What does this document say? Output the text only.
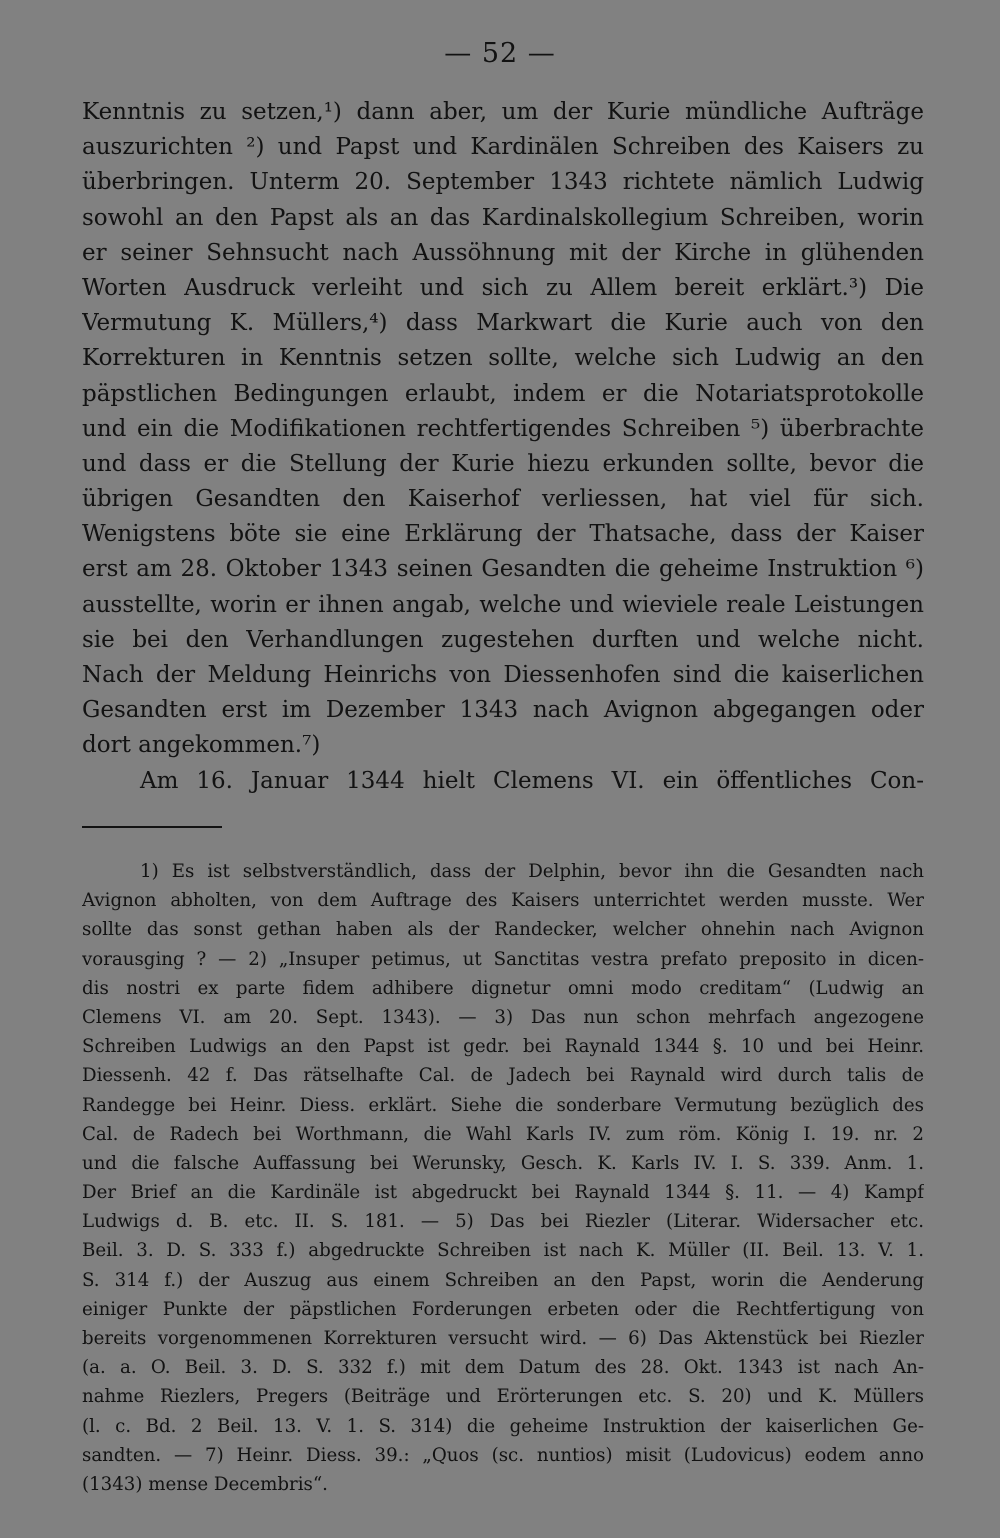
— 52 —
Kenntnis zu setzen,¹) dann aber, um der Kurie mündliche Aufträge
auszurichten ²) und Papst und Kardinälen Schreiben des Kaisers zu
überbringen. Unterm 20. September 1343 richtete nämlich Ludwig
sowohl an den Papst als an das Kardinalskollegium Schreiben, worin
er seiner Sehnsucht nach Aussöhnung mit der Kirche in glühenden
Worten Ausdruck verleiht und sich zu Allem bereit erklärt.³) Die
Vermutung K. Müllers,⁴) dass Markwart die Kurie auch von den
Korrekturen in Kenntnis setzen sollte, welche sich Ludwig an den
päpstlichen Bedingungen erlaubt, indem er die Notariatsprotokolle
und ein die Modifikationen rechtfertigendes Schreiben ⁵) überbrachte
und dass er die Stellung der Kurie hiezu erkunden sollte, bevor die
übrigen Gesandten den Kaiserhof verliessen, hat viel für sich.
Wenigstens böte sie eine Erklärung der Thatsache, dass der Kaiser
erst am 28. Oktober 1343 seinen Gesandten die geheime Instruktion ⁶)
ausstellte, worin er ihnen angab, welche und wieviele reale Leistungen
sie bei den Verhandlungen zugestehen durften und welche nicht.
Nach der Meldung Heinrichs von Diessenhofen sind die kaiserlichen
Gesandten erst im Dezember 1343 nach Avignon abgegangen oder
dort angekommen.⁷)
Am 16. Januar 1344 hielt Clemens VI. ein öffentliches Con-
1) Es ist selbstverständlich, dass der Delphin, bevor ihn die Gesandten nach
Avignon abholten, von dem Auftrage des Kaisers unterrichtet werden musste. Wer
sollte das sonst gethan haben als der Randecker, welcher ohnehin nach Avignon
vorausging ? — 2) „Insuper petimus, ut Sanctitas vestra prefato preposito in dicen-
dis nostri ex parte fidem adhibere dignetur omni modo creditam“ (Ludwig an
Clemens VI. am 20. Sept. 1343). — 3) Das nun schon mehrfach angezogene
Schreiben Ludwigs an den Papst ist gedr. bei Raynald 1344 §. 10 und bei Heinr.
Diessenh. 42 f. Das rätselhafte Cal. de Jadech bei Raynald wird durch talis de
Randegge bei Heinr. Diess. erklärt. Siehe die sonderbare Vermutung bezüglich des
Cal. de Radech bei Worthmann, die Wahl Karls IV. zum röm. König I. 19. nr. 2
und die falsche Auffassung bei Werunsky, Gesch. K. Karls IV. I. S. 339. Anm. 1.
Der Brief an die Kardinäle ist abgedruckt bei Raynald 1344 §. 11. — 4) Kampf
Ludwigs d. B. etc. II. S. 181. — 5) Das bei Riezler (Literar. Widersacher etc.
Beil. 3. D. S. 333 f.) abgedruckte Schreiben ist nach K. Müller (II. Beil. 13. V. 1.
S. 314 f.) der Auszug aus einem Schreiben an den Papst, worin die Aenderung
einiger Punkte der päpstlichen Forderungen erbeten oder die Rechtfertigung von
bereits vorgenommenen Korrekturen versucht wird. — 6) Das Aktenstück bei Riezler
(a. a. O. Beil. 3. D. S. 332 f.) mit dem Datum des 28. Okt. 1343 ist nach An-
nahme Riezlers, Pregers (Beiträge und Erörterungen etc. S. 20) und K. Müllers
(l. c. Bd. 2 Beil. 13. V. 1. S. 314) die geheime Instruktion der kaiserlichen Ge-
sandten. — 7) Heinr. Diess. 39.: „Quos (sc. nuntios) misit (Ludovicus) eodem anno
(1343) mense Decembris“.
